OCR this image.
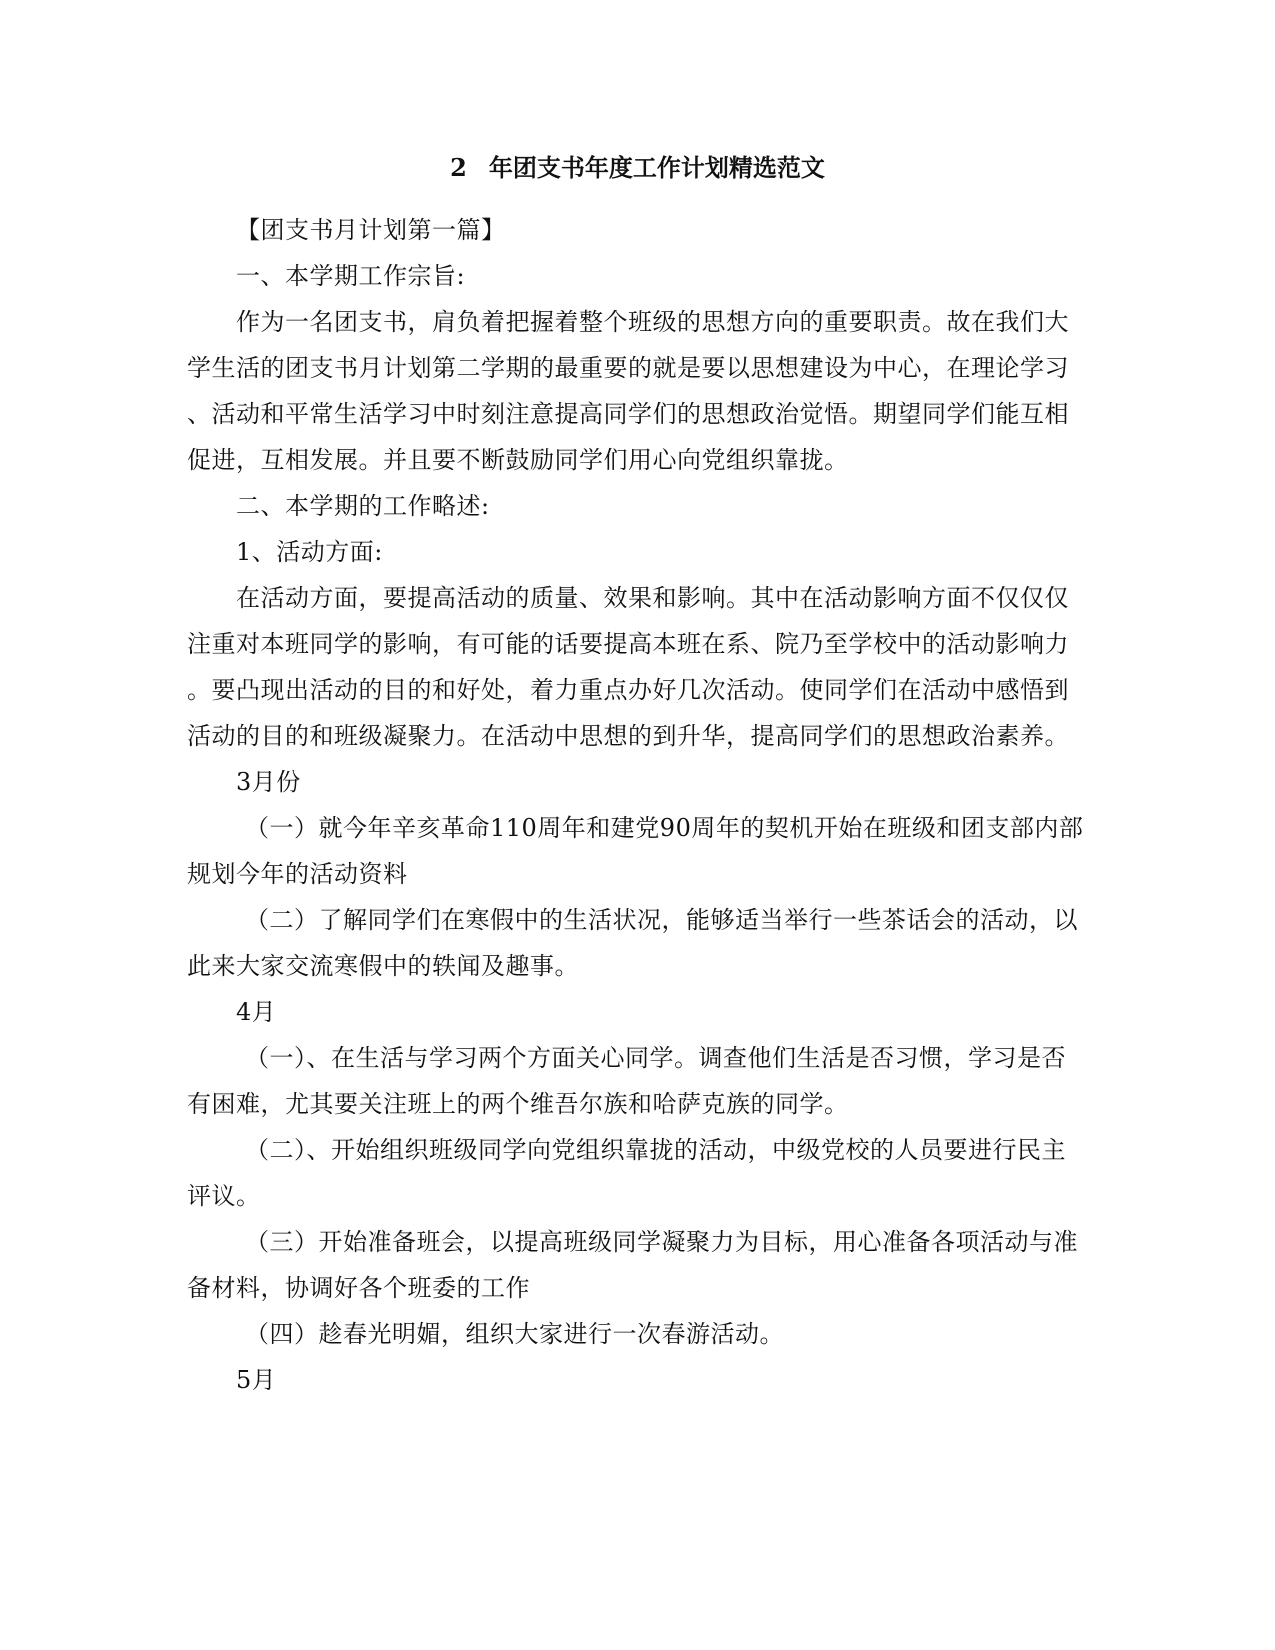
2 年团支书年度工作计划精选范文
【团支书月计划第一篇】
一、本学期工作宗旨:
作为一名团支书，肩负着把握着整个班级的思想方向的重要职责。故在我们大
学生活的团支书月计划第二学期的最重要的就是要以思想建设为中心，在理论学习
、活动和平常生活学习中时刻注意提高同学们的思想政治觉悟。期望同学们能互相
促进，互相发展。并且要不断鼓励同学们用心向党组织靠拢。
二、本学期的工作略述:
1、活动方面:
在活动方面，要提高活动的质量、效果和影响。其中在活动影响方面不仅仅仅
注重对本班同学的影响，有可能的话要提高本班在系、院乃至学校中的活动影响力
。要凸现出活动的目的和好处，着力重点办好几次活动。使同学们在活动中感悟到
活动的目的和班级凝聚力。在活动中思想的到升华，提高同学们的思想政治素养。
3月份
（一）就今年辛亥革命110周年和建党90周年的契机开始在班级和团支部内部
规划今年的活动资料
（二）了解同学们在寒假中的生活状况，能够适当举行一些茶话会的活动，以
此来大家交流寒假中的轶闻及趣事。
4月
（一）、在生活与学习两个方面关心同学。调查他们生活是否习惯，学习是否
有困难，尤其要关注班上的两个维吾尔族和哈萨克族的同学。
（二）、开始组织班级同学向党组织靠拢的活动，中级党校的人员要进行民主
评议。
（三）开始准备班会，以提高班级同学凝聚力为目标，用心准备各项活动与准
备材料，协调好各个班委的工作
（四）趁春光明媚，组织大家进行一次春游活动。
5月
